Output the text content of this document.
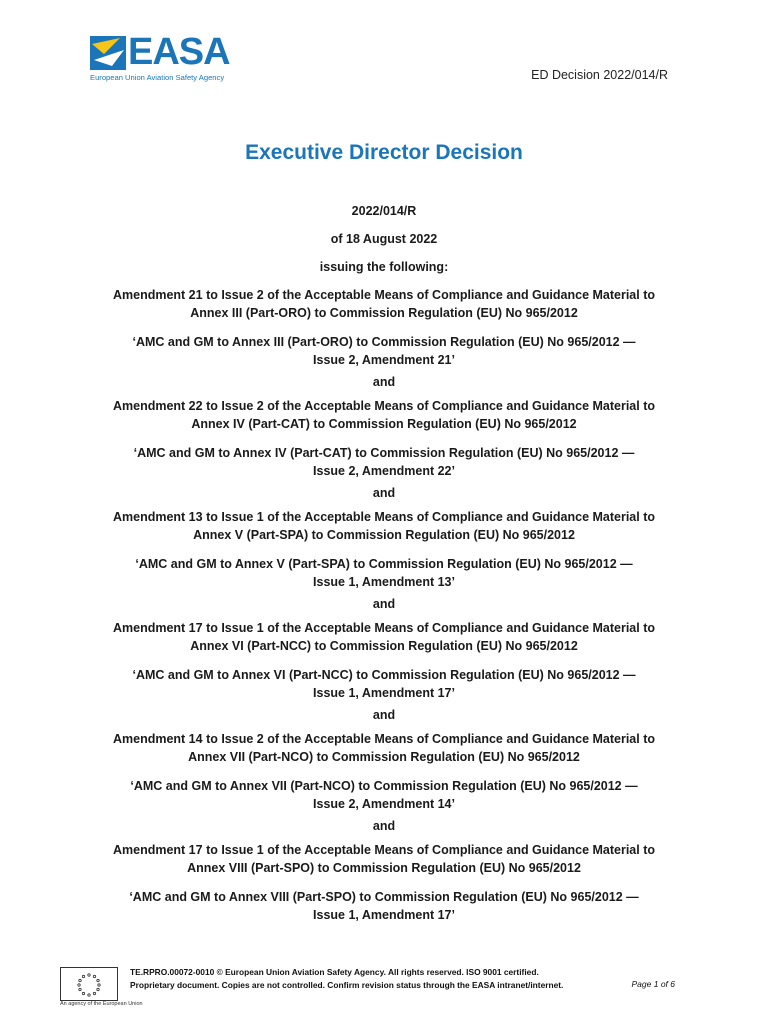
EASA
European Union Aviation Safety Agency	ED Decision 2022/014/R
Executive Director Decision
2022/014/R
of 18 August 2022
issuing the following:
Amendment 21 to Issue 2 of the Acceptable Means of Compliance and Guidance Material to
Annex III (Part-ORO) to Commission Regulation (EU) No 965/2012
‘AMC and GM to Annex III (Part-ORO) to Commission Regulation (EU) No 965/2012 —
Issue 2, Amendment 21’
and
Amendment 22 to Issue 2 of the Acceptable Means of Compliance and Guidance Material to
Annex IV (Part-CAT) to Commission Regulation (EU) No 965/2012
‘AMC and GM to Annex IV (Part-CAT) to Commission Regulation (EU) No 965/2012 —
Issue 2, Amendment 22’
and
Amendment 13 to Issue 1 of the Acceptable Means of Compliance and Guidance Material to
Annex V (Part-SPA) to Commission Regulation (EU) No 965/2012
‘AMC and GM to Annex V (Part-SPA) to Commission Regulation (EU) No 965/2012 —
Issue 1, Amendment 13’
and
Amendment 17 to Issue 1 of the Acceptable Means of Compliance and Guidance Material to
Annex VI (Part-NCC) to Commission Regulation (EU) No 965/2012
‘AMC and GM to Annex VI (Part-NCC) to Commission Regulation (EU) No 965/2012 —
Issue 1, Amendment 17’
and
Amendment 14 to Issue 2 of the Acceptable Means of Compliance and Guidance Material to
Annex VII (Part-NCO) to Commission Regulation (EU) No 965/2012
‘AMC and GM to Annex VII (Part-NCO) to Commission Regulation (EU) No 965/2012 —
Issue 2, Amendment 14’
and
Amendment 17 to Issue 1 of the Acceptable Means of Compliance and Guidance Material to
Annex VIII (Part-SPO) to Commission Regulation (EU) No 965/2012
‘AMC and GM to Annex VIII (Part-SPO) to Commission Regulation (EU) No 965/2012 —
Issue 1, Amendment 17’
An agency of the European Union
TE.RPRO.00072-0010 © European Union Aviation Safety Agency. All rights reserved. ISO 9001 certified.
Proprietary document. Copies are not controlled. Confirm revision status through the EASA intranet/internet.	Page 1 of 6
